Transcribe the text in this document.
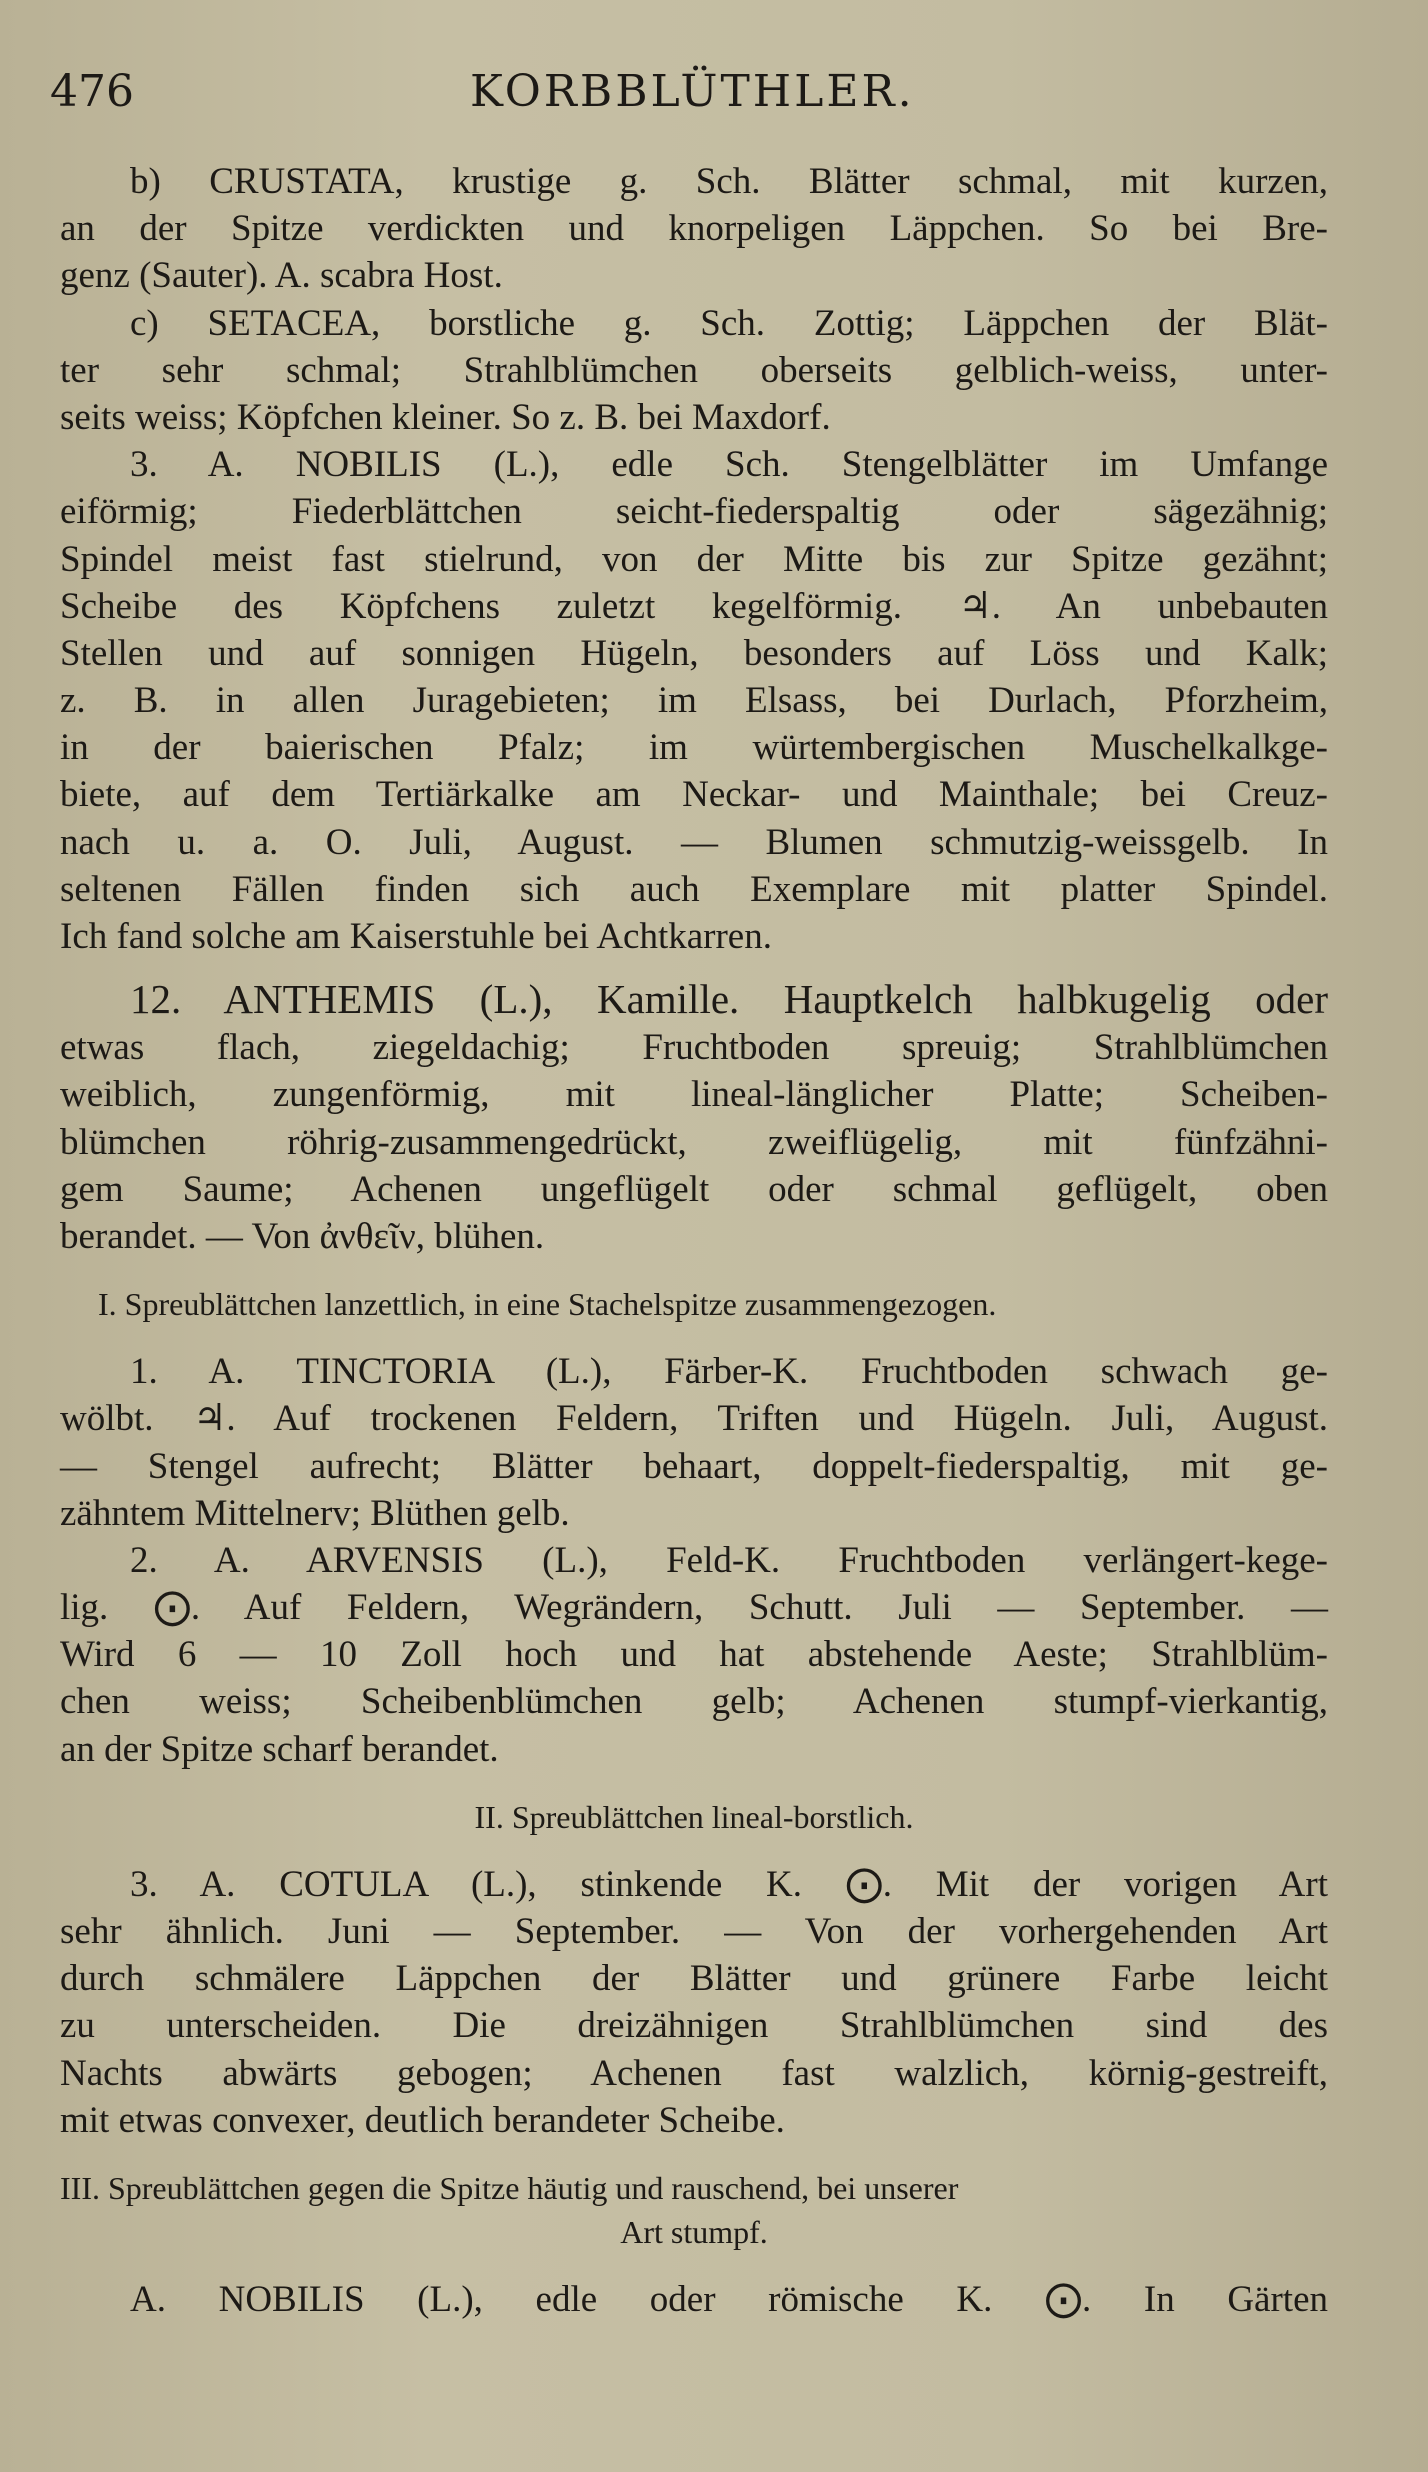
476	KORBBLÜTHLER.
b) CRUSTATA, krustige g. Sch. Blätter schmal, mit kurzen,
an der Spitze verdickten und knorpeligen Läppchen. So bei Bre-
genz (Sauter). A. scabra Host.
c) SETACEA, borstliche g. Sch. Zottig; Läppchen der Blät-
ter sehr schmal; Strahlblümchen oberseits gelblich-weiss, unter-
seits weiss; Köpfchen kleiner. So z. B. bei Maxdorf.
3. A. NOBILIS (L.), edle Sch. Stengelblätter im Umfange
eiförmig; Fiederblättchen seicht-fiederspaltig oder sägezähnig;
Spindel meist fast stielrund, von der Mitte bis zur Spitze gezähnt;
Scheibe des Köpfchens zuletzt kegelförmig. ♃. An unbebauten
Stellen und auf sonnigen Hügeln, besonders auf Löss und Kalk;
z. B. in allen Juragebieten; im Elsass, bei Durlach, Pforzheim,
in der baierischen Pfalz; im würtembergischen Muschelkalkge-
biete, auf dem Tertiärkalke am Neckar- und Mainthale; bei Creuz-
nach u. a. O. Juli, August. — Blumen schmutzig-weissgelb. In
seltenen Fällen finden sich auch Exemplare mit platter Spindel.
Ich fand solche am Kaiserstuhle bei Achtkarren.
12. ANTHEMIS (L.), Kamille. Hauptkelch halbkugelig oder
etwas flach, ziegeldachig; Fruchtboden spreuig; Strahlblümchen
weiblich, zungenförmig, mit lineal-länglicher Platte; Scheiben-
blümchen röhrig-zusammengedrückt, zweiflügelig, mit fünfzähni-
gem Saume; Achenen ungeflügelt oder schmal geflügelt, oben
berandet. — Von ἀνθεῖν, blühen.
I. Spreublättchen lanzettlich, in eine Stachelspitze zusammengezogen.
1. A. TINCTORIA (L.), Färber-K. Fruchtboden schwach ge-
wölbt. ♃. Auf trockenen Feldern, Triften und Hügeln. Juli, August.
— Stengel aufrecht; Blätter behaart, doppelt-fiederspaltig, mit ge-
zähntem Mittelnerv; Blüthen gelb.
2. A. ARVENSIS (L.), Feld-K. Fruchtboden verlängert-kege-
lig. ⨀. Auf Feldern, Wegrändern, Schutt. Juli — September. —
Wird 6 — 10 Zoll hoch und hat abstehende Aeste; Strahlblüm-
chen weiss; Scheibenblümchen gelb; Achenen stumpf-vierkantig,
an der Spitze scharf berandet.
II. Spreublättchen lineal-borstlich.
3. A. COTULA (L.), stinkende K. ⨀. Mit der vorigen Art
sehr ähnlich. Juni — September. — Von der vorhergehenden Art
durch schmälere Läppchen der Blätter und grünere Farbe leicht
zu unterscheiden. Die dreizähnigen Strahlblümchen sind des
Nachts abwärts gebogen; Achenen fast walzlich, körnig-gestreift,
mit etwas convexer, deutlich berandeter Scheibe.
III. Spreublättchen gegen die Spitze häutig und rauschend, bei unserer
Art stumpf.
A. NOBILIS (L.), edle oder römische K. ⨀. In Gärten
